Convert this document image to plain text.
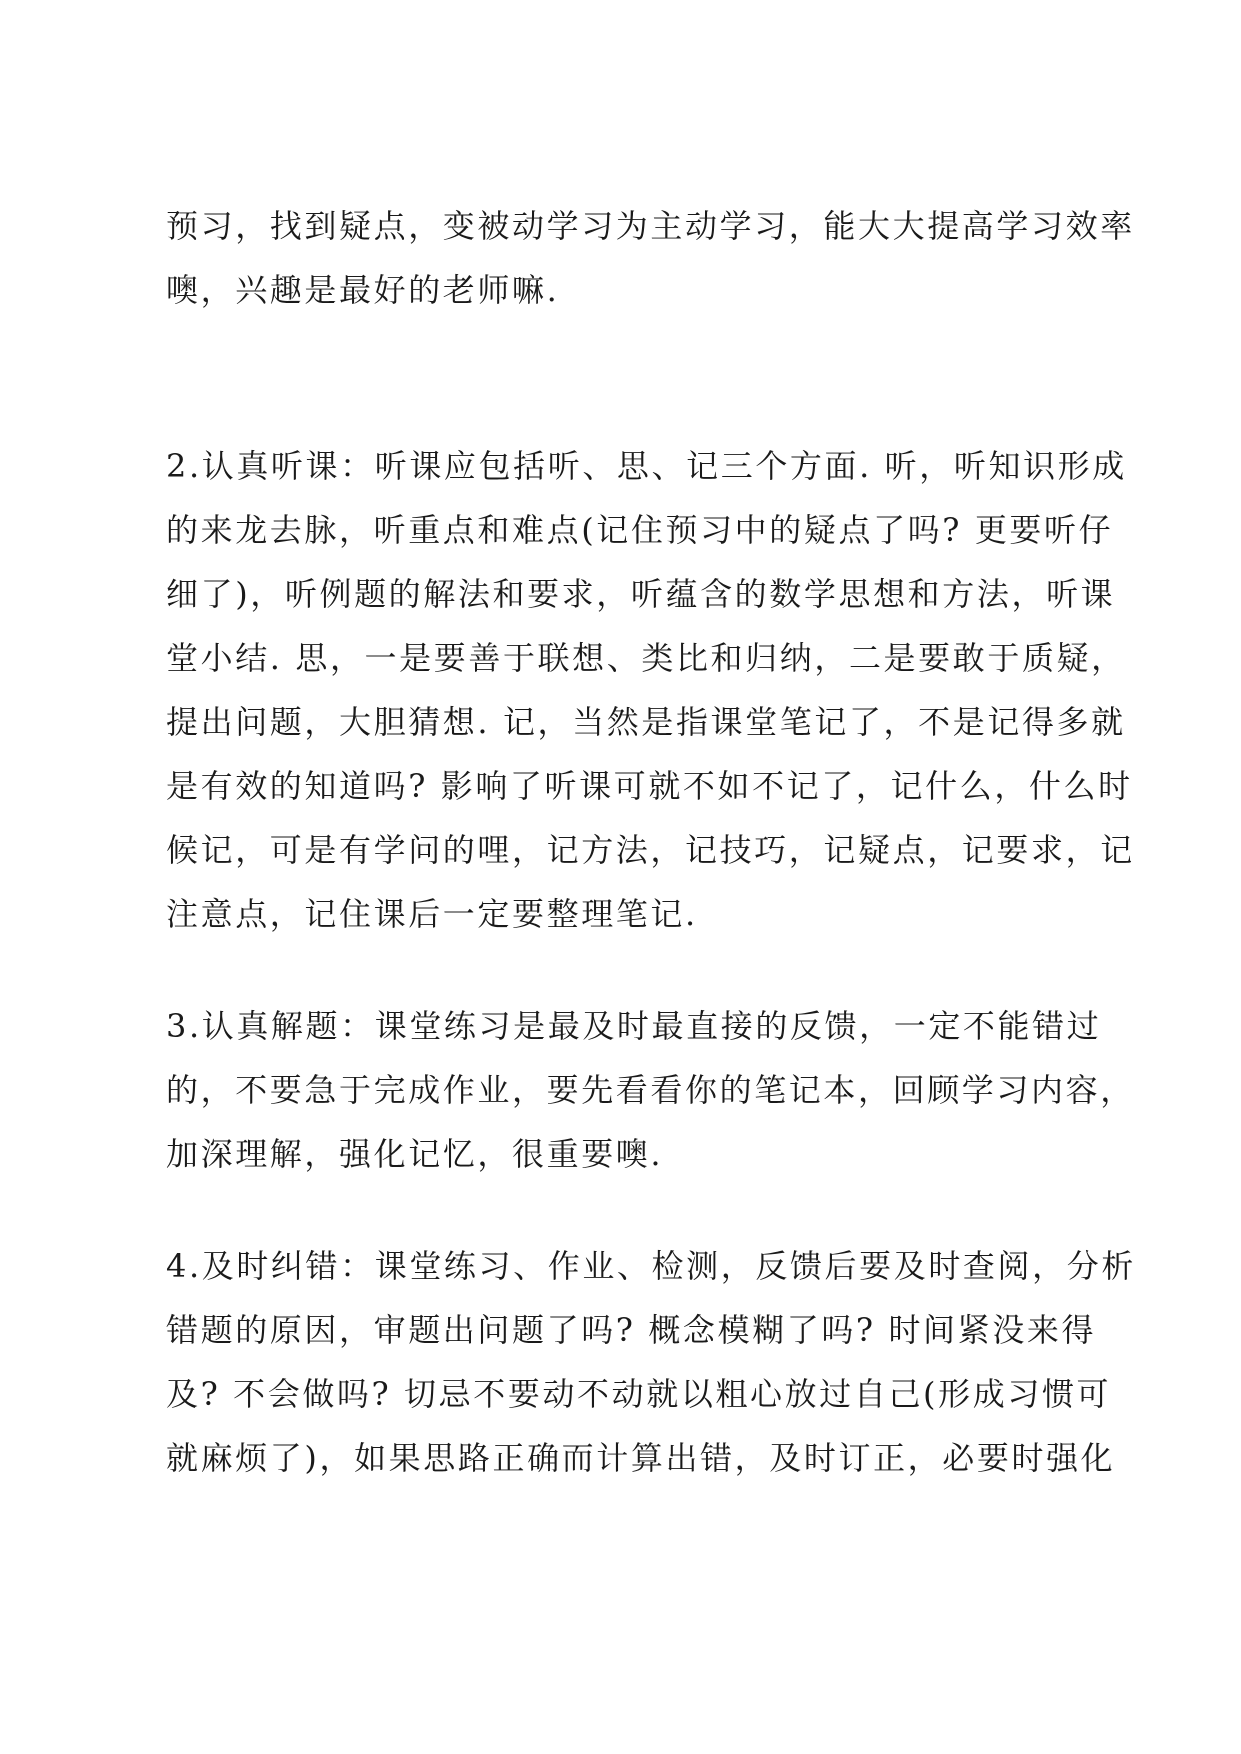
预习，找到疑点，变被动学习为主动学习，能大大提高学习效率
噢，兴趣是最好的老师嘛.
2.认真听课：听课应包括听、思、记三个方面. 听，听知识形成
的来龙去脉，听重点和难点(记住预习中的疑点了吗? 更要听仔
细了)，听例题的解法和要求，听蕴含的数学思想和方法，听课
堂小结. 思，一是要善于联想、类比和归纳，二是要敢于质疑，
提出问题，大胆猜想. 记，当然是指课堂笔记了，不是记得多就
是有效的知道吗? 影响了听课可就不如不记了，记什么，什么时
候记，可是有学问的哩，记方法，记技巧，记疑点，记要求，记
注意点，记住课后一定要整理笔记.
3.认真解题：课堂练习是最及时最直接的反馈，一定不能错过
的，不要急于完成作业，要先看看你的笔记本，回顾学习内容，
加深理解，强化记忆，很重要噢.
4.及时纠错：课堂练习、作业、检测，反馈后要及时查阅，分析
错题的原因，审题出问题了吗? 概念模糊了吗? 时间紧没来得
及? 不会做吗? 切忌不要动不动就以粗心放过自己(形成习惯可
就麻烦了)，如果思路正确而计算出错，及时订正，必要时强化
